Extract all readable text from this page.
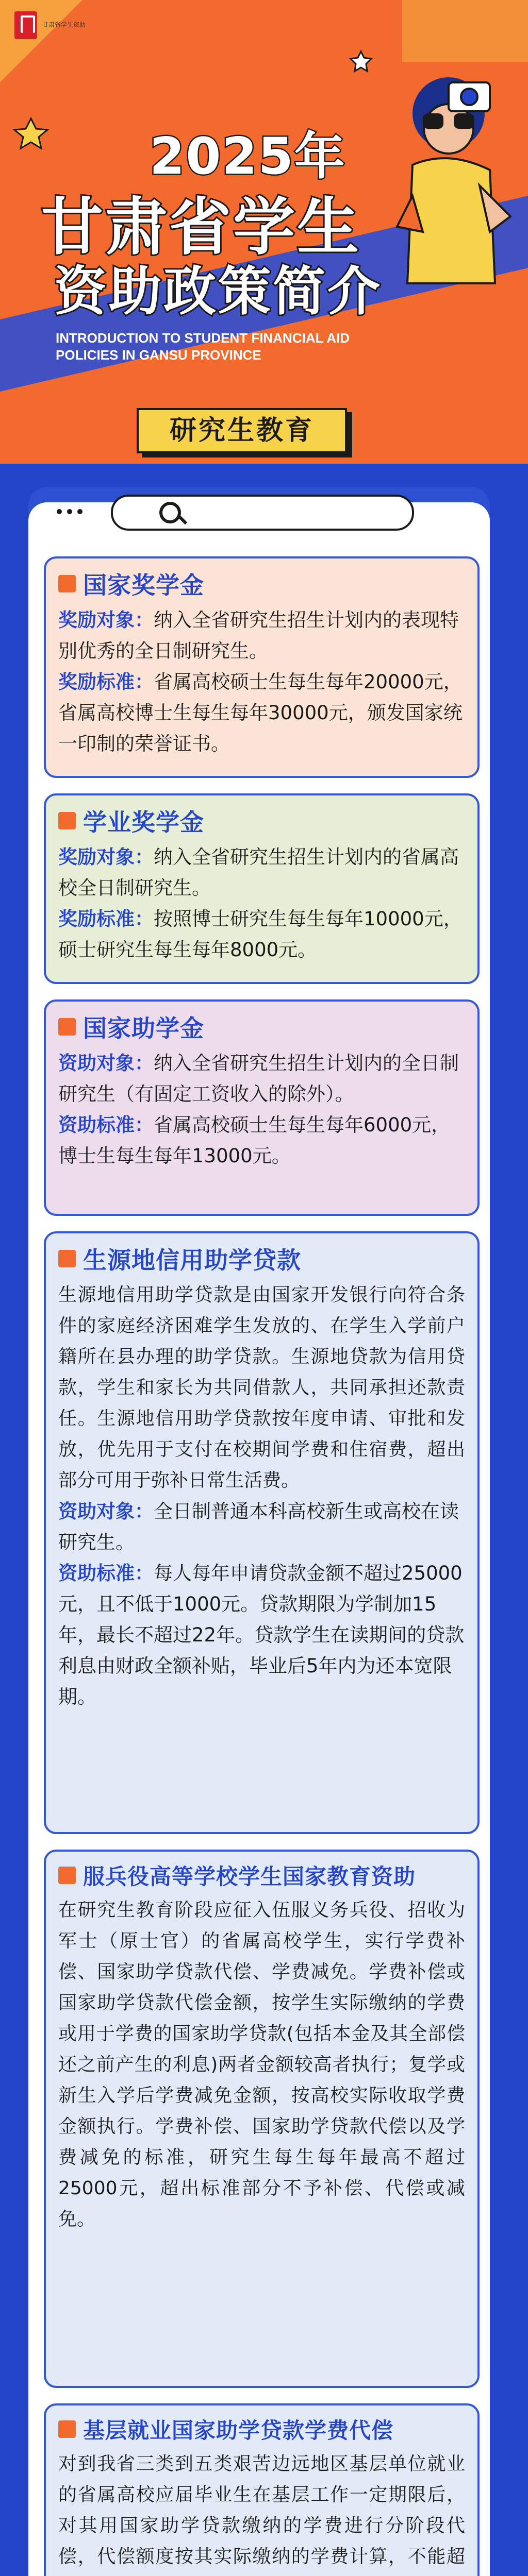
甘肃省学生资助
2025年
甘肃省学生
资助政策简介
INTRODUCTION TO STUDENT FINANCIAL AID POLICIES IN GANSU PROVINCE
研究生教育
国家奖学金
奖励对象：纳入全省研究生招生计划内的表现特别优秀的全日制研究生。
奖励标准：省属高校硕士生每生每年20000元，省属高校博士生每生每年30000元，颁发国家统一印制的荣誉证书。
学业奖学金
奖励对象：纳入全省研究生招生计划内的省属高校全日制研究生。
奖励标准：按照博士研究生每生每年10000元，硕士研究生每生每年8000元。
国家助学金
资助对象：纳入全省研究生招生计划内的全日制研究生（有固定工资收入的除外）。
资助标准：省属高校硕士生每生每年6000元，博士生每生每年13000元。
生源地信用助学贷款
生源地信用助学贷款是由国家开发银行向符合条件的家庭经济困难学生发放的、在学生入学前户籍所在县办理的助学贷款。生源地贷款为信用贷款，学生和家长为共同借款人，共同承担还款责任。生源地信用助学贷款按年度申请、审批和发放，优先用于支付在校期间学费和住宿费，超出部分可用于弥补日常生活费。
资助对象：全日制普通本科高校新生或高校在读研究生。
资助标准：每人每年申请贷款金额不超过25000元，且不低于1000元。贷款期限为学制加15年，最长不超过22年。贷款学生在读期间的贷款利息由财政全额补贴，毕业后5年内为还本宽限期。
服兵役高等学校学生国家教育资助
在研究生教育阶段应征入伍服义务兵役、招收为军士（原士官）的省属高校学生，实行学费补偿、国家助学贷款代偿、学费减免。学费补偿或国家助学贷款代偿金额，按学生实际缴纳的学费或用于学费的国家助学贷款(包括本金及其全部偿还之前产生的利息)两者金额较高者执行；复学或新生入学后学费减免金额，按高校实际收取学费金额执行。学费补偿、国家助学贷款代偿以及学费减免的标准，研究生每生每年最高不超过25000元，超出标准部分不予补偿、代偿或减免。
基层就业国家助学贷款学费代偿
对到我省三类到五类艰苦边远地区基层单位就业的省属高校应届毕业生在基层工作一定期限后，对其用国家助学贷款缴纳的学费进行分阶段代偿，代偿额度按其实际缴纳的学费计算，不能超
